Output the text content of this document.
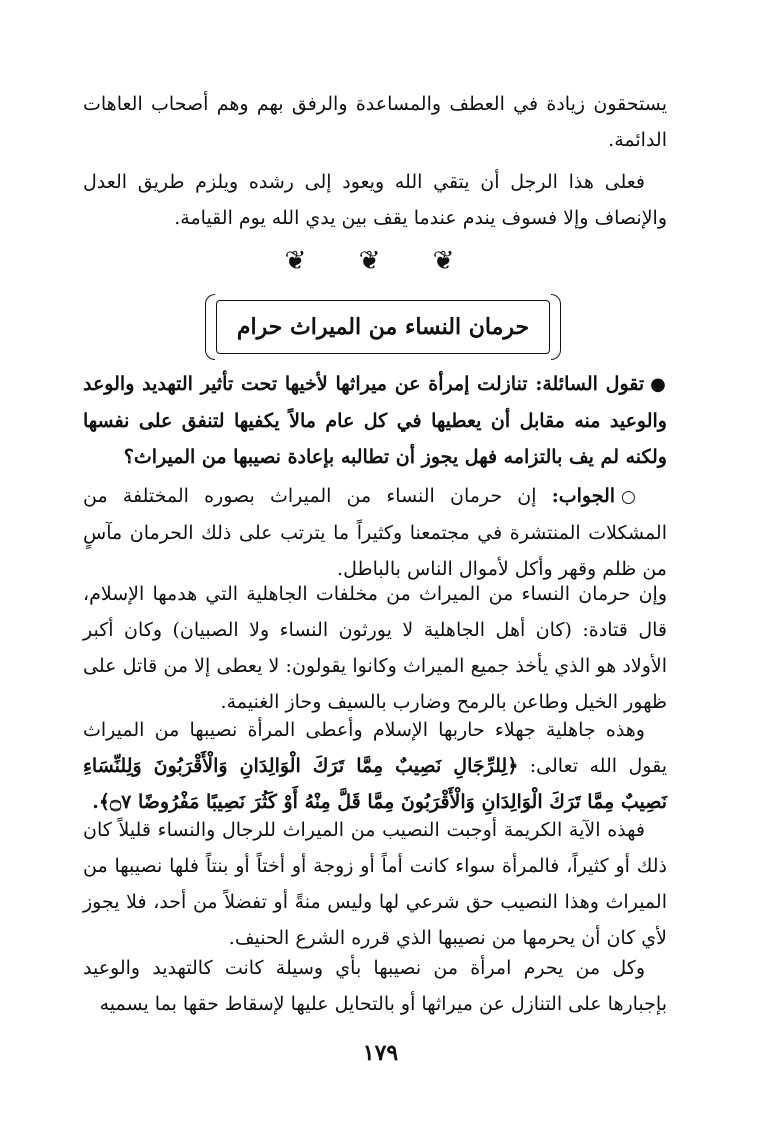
يستحقون زيادة في العطف والمساعدة والرفق بهم وهم أصحاب العاهات الدائمة.

فعلى هذا الرجل أن يتقي الله ويعود إلى رشده ويلزم طريق العدل والإنصاف وإلا فسوف يندم عندما يقف بين يدي الله يوم القيامة.

❦ ❦ ❦
حرمان النساء من الميراث حرام

●تقول السائلة: تنازلت إمرأة عن ميراثها لأخيها تحت تأثير التهديد والوعد والوعيد منه مقابل أن يعطيها في كل عام مالاً يكفيها لتنفق على نفسها ولكنه لم يف بالتزامه فهل يجوز أن تطالبه بإعادة نصيبها من الميراث؟

○الجواب: إن حرمان النساء من الميراث بصوره المختلفة من المشكلات المنتشرة في مجتمعنا وكثيراً ما يترتب على ذلك الحرمان مآسٍ من ظلم وقهر وأكل لأموال الناس بالباطل.

وإن حرمان النساء من الميراث من مخلفات الجاهلية التي هدمها الإسلام، قال قتادة: (كان أهل الجاهلية لا يورثون النساء ولا الصبيان) وكان أكبر الأولاد هو الذي يأخذ جميع الميراث وكانوا يقولون: لا يعطى إلا من قاتل على ظهور الخيل وطاعن بالرمح وضارب بالسيف وحاز الغنيمة.

وهذه جاهلية جهلاء حاربها الإسلام وأعطى المرأة نصيبها من الميراث يقول الله تعالى: ﴿لِلرِّجَالِ نَصِيبٌ مِمَّا تَرَكَ الْوَالِدَانِ وَالْأَقْرَبُونَ وَلِلنِّسَاءِ نَصِيبٌ مِمَّا تَرَكَ الْوَالِدَانِ وَالْأَقْرَبُونَ مِمَّا قَلَّ مِنْهُ أَوْ كَثُرَ نَصِيبًا مَفْرُوضًا ۝٧﴾.

فهذه الآية الكريمة أوجبت النصيب من الميراث للرجال والنساء قليلاً كان ذلك أو كثيراً، فالمرأة سواء كانت أماً أو زوجة أو أختاً أو بنتاً فلها نصيبها من الميراث وهذا النصيب حق شرعي لها وليس منةً أو تفضلاً من أحد، فلا يجوز لأي كان أن يحرمها من نصيبها الذي قرره الشرع الحنيف.

وكل من يحرم امرأة من نصيبها بأي وسيلة كانت كالتهديد والوعيد بإجبارها على التنازل عن ميراثها أو بالتحايل عليها لإسقاط حقها بما يسميه

١٧٩
